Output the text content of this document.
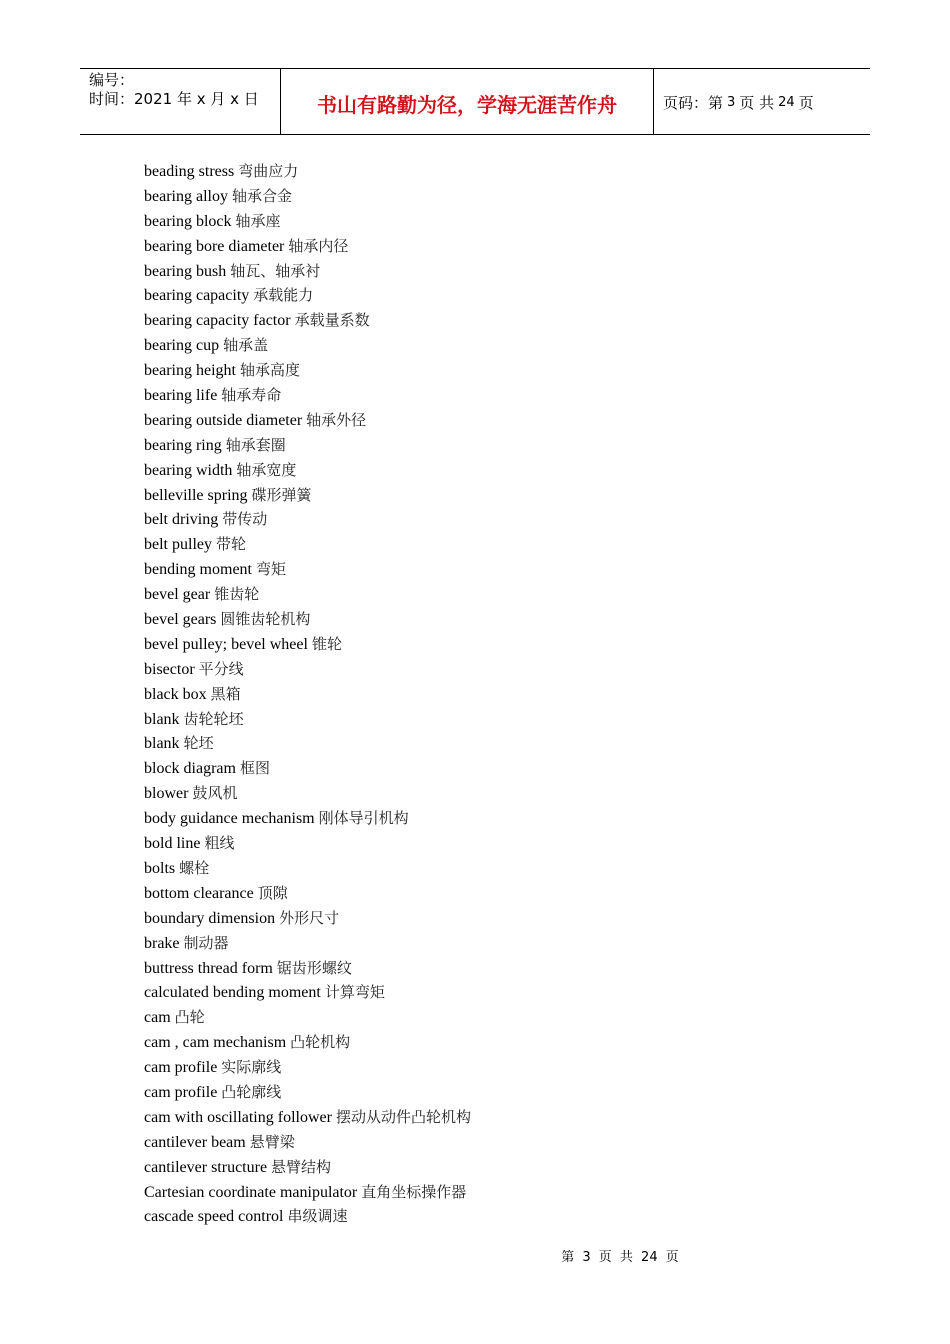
编号：
时间：2021 年 x 月 x 日	书山有路勤为径，学海无涯苦作舟	页码：第 3 页 共 24 页
beading stress 弯曲应力
bearing alloy 轴承合金
bearing block 轴承座
bearing bore diameter 轴承内径
bearing bush 轴瓦、轴承衬
bearing capacity 承载能力
bearing capacity factor 承载量系数
bearing cup 轴承盖
bearing height 轴承高度
bearing life 轴承寿命
bearing outside diameter 轴承外径
bearing ring 轴承套圈
bearing width 轴承宽度
belleville spring 碟形弹簧
belt driving 带传动
belt pulley 带轮
bending moment 弯矩
bevel gear 锥齿轮
bevel gears 圆锥齿轮机构
bevel pulley; bevel wheel 锥轮
bisector 平分线
black box 黑箱
blank 齿轮轮坯
blank 轮坯
block diagram 框图
blower 鼓风机
body guidance mechanism 刚体导引机构
bold line 粗线
bolts 螺栓
bottom clearance 顶隙
boundary dimension 外形尺寸
brake 制动器
buttress thread form 锯齿形螺纹
calculated bending moment 计算弯矩
cam 凸轮
cam , cam mechanism 凸轮机构
cam profile 实际廓线
cam profile 凸轮廓线
cam with oscillating follower 摆动从动件凸轮机构
cantilever beam 悬臂梁
cantilever structure 悬臂结构
Cartesian coordinate manipulator 直角坐标操作器
cascade speed control 串级调速
第 3 页 共 24 页
